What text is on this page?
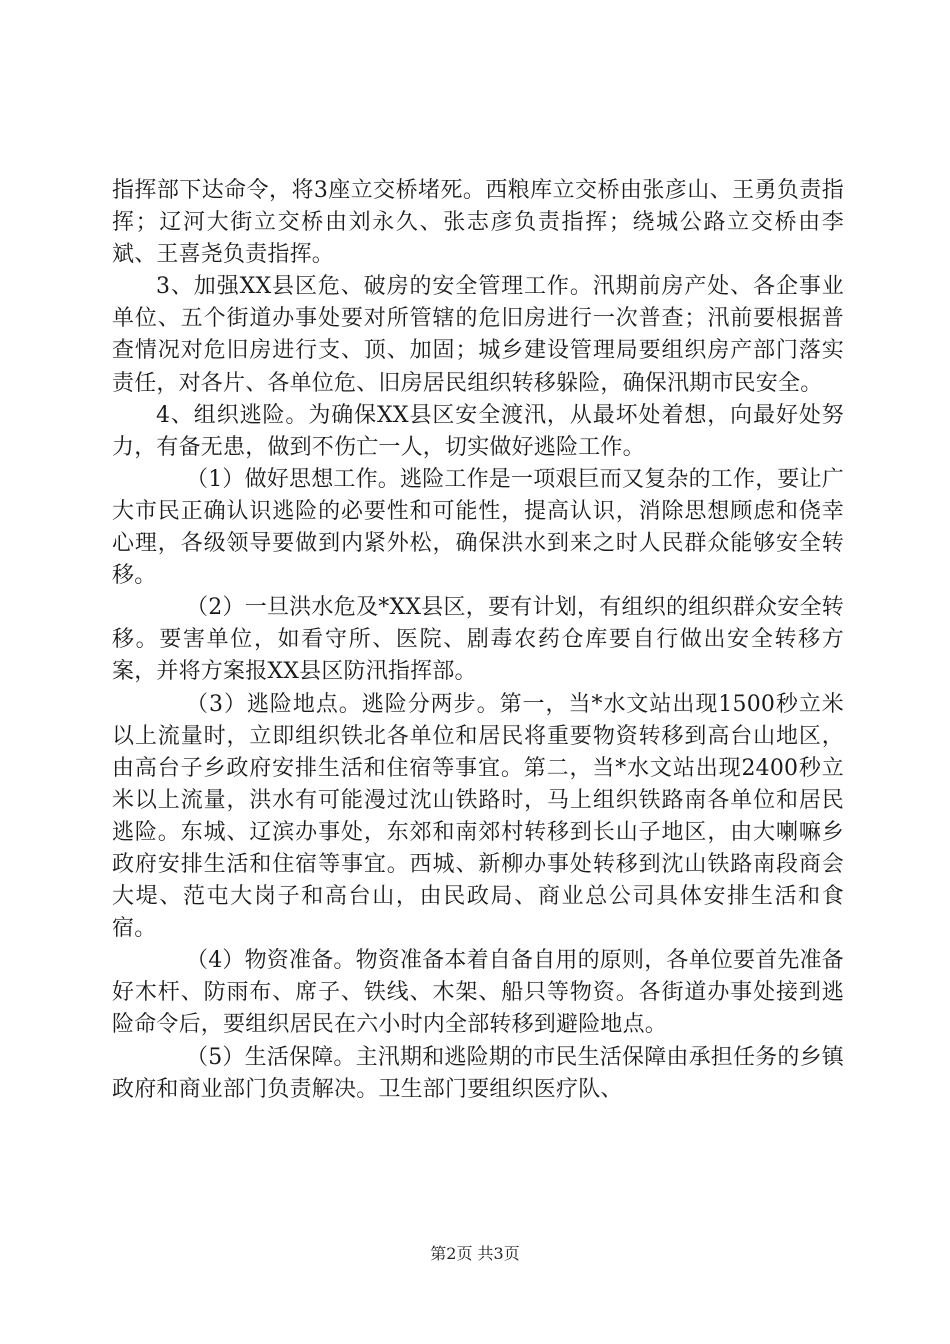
指挥部下达命令，将3座立交桥堵死。西粮库立交桥由张彦山、王勇负责指挥；辽河大街立交桥由刘永久、张志彦负责指挥；绕城公路立交桥由李斌、王喜尧负责指挥。

3、加强XX县区危、破房的安全管理工作。汛期前房产处、各企事业单位、五个街道办事处要对所管辖的危旧房进行一次普查；汛前要根据普查情况对危旧房进行支、顶、加固；城乡建设管理局要组织房产部门落实责任，对各片、各单位危、旧房居民组织转移躲险，确保汛期市民安全。

4、组织逃险。为确保XX县区安全渡汛，从最坏处着想，向最好处努力，有备无患，做到不伤亡一人，切实做好逃险工作。

（1）做好思想工作。逃险工作是一项艰巨而又复杂的工作，要让广大市民正确认识逃险的必要性和可能性，提高认识，消除思想顾虑和侥幸心理，各级领导要做到内紧外松，确保洪水到来之时人民群众能够安全转移。

（2）一旦洪水危及*XX县区，要有计划，有组织的组织群众安全转移。要害单位，如看守所、医院、剧毒农药仓库要自行做出安全转移方案，并将方案报XX县区防汛指挥部。

（3）逃险地点。逃险分两步。第一，当*水文站出现1500秒立米以上流量时，立即组织铁北各单位和居民将重要物资转移到高台山地区，由高台子乡政府安排生活和住宿等事宜。第二，当*水文站出现2400秒立米以上流量，洪水有可能漫过沈山铁路时，马上组织铁路南各单位和居民逃险。东城、辽滨办事处，东郊和南郊村转移到长山子地区，由大喇嘛乡政府安排生活和住宿等事宜。西城、新柳办事处转移到沈山铁路南段商会大堤、范屯大岗子和高台山，由民政局、商业总公司具体安排生活和食宿。

（4）物资准备。物资准备本着自备自用的原则，各单位要首先准备好木杆、防雨布、席子、铁线、木架、船只等物资。各街道办事处接到逃险命令后，要组织居民在六小时内全部转移到避险地点。

（5）生活保障。主汛期和逃险期的市民生活保障由承担任务的乡镇政府和商业部门负责解决。卫生部门要组织医疗队、

第2页 共3页
